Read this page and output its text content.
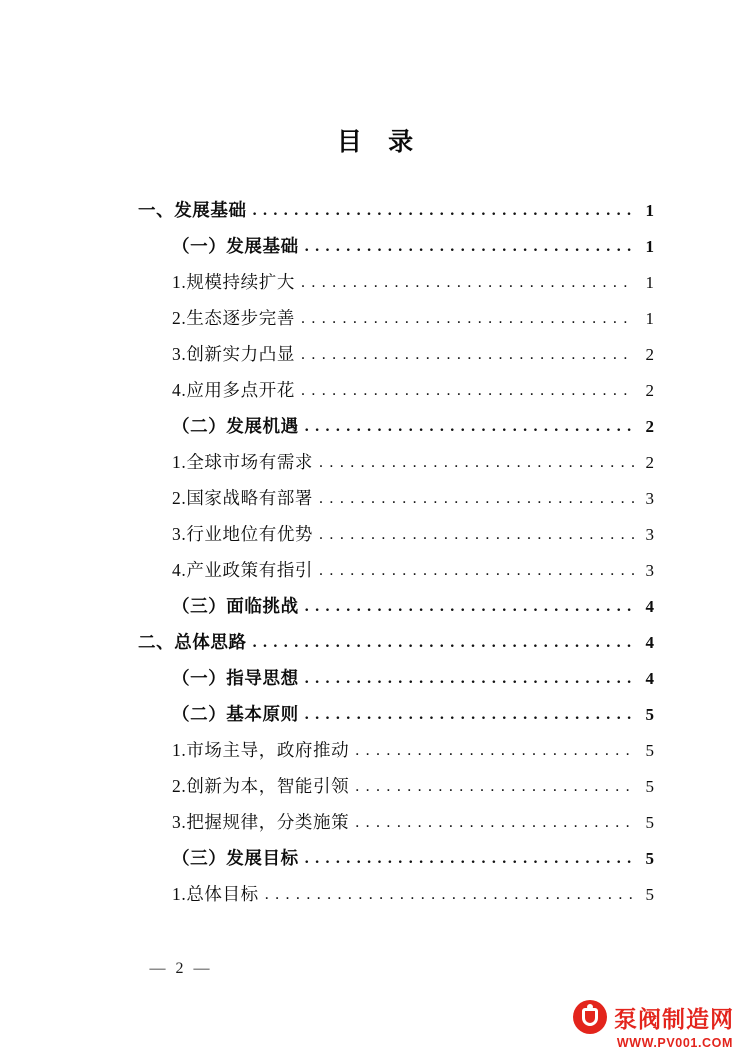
目 录
一、发展基础 . . .	1
（一）发展基础 . . .	1
1.规模持续扩大 . . .	1
2.生态逐步完善 . . .	1
3.创新实力凸显 . . .	2
4.应用多点开花 . . .	2
（二）发展机遇 . . .	2
1.全球市场有需求 . . .	2
2.国家战略有部署 . . .	3
3.行业地位有优势 . . .	3
4.产业政策有指引 . . .	3
（三）面临挑战 . . .	4
二、总体思路 . . .	4
（一）指导思想 . . .	4
（二）基本原则 . . .	5
1.市场主导，政府推动 . . .	5
2.创新为本，智能引领 . . .	5
3.把握规律，分类施策 . . .	5
（三）发展目标 . . .	5
1.总体目标 . . .	5
— 2 —
泵阀制造网
WWW.PV001.COM
